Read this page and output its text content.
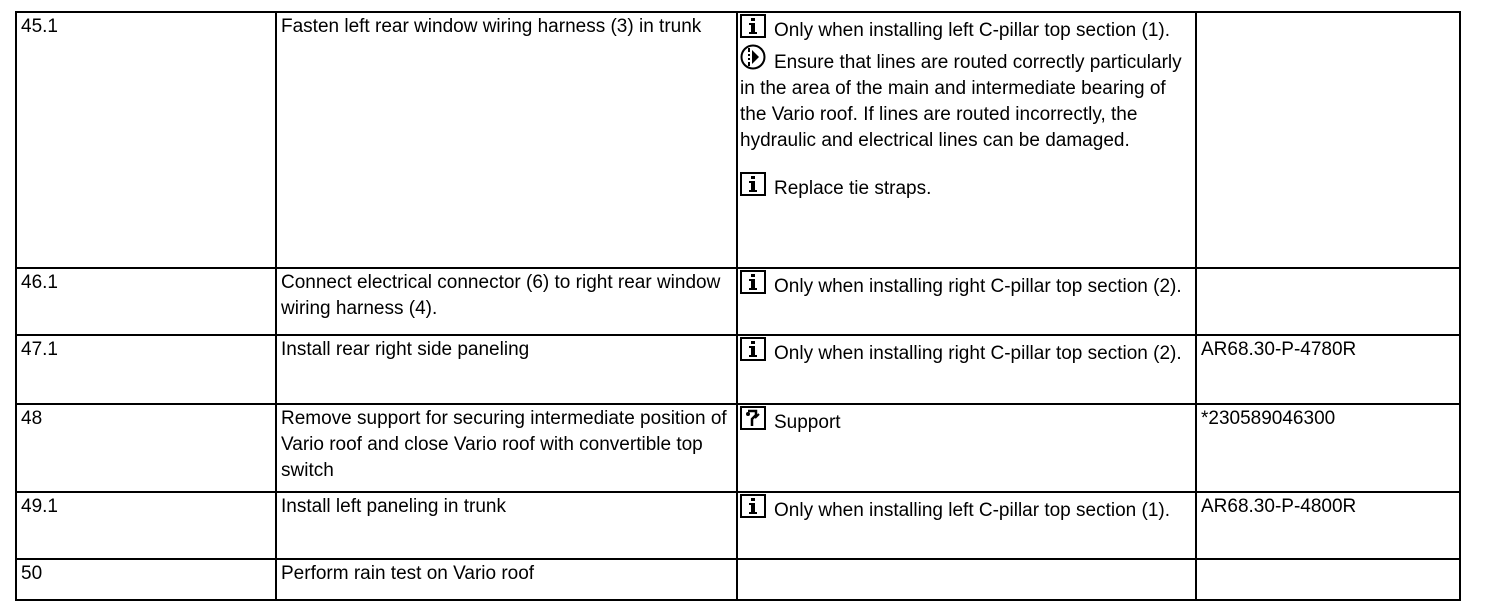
45.1	Fasten left rear window wiring harness (3) in trunk	Only when installing left C-pillar top section (1).
Ensure that lines are routed correctly particularly in the area of the main and intermediate bearing of the Vario roof. If lines are routed incorrectly, the hydraulic and electrical lines can be damaged.
Replace tie straps.	

46.1	Connect electrical connector (6) to right rear window wiring harness (4).	Only when installing right C-pillar top section (2).	

47.1	Install rear right side paneling	Only when installing right C-pillar top section (2).	AR68.30-P-4780R
48	Remove support for securing intermediate position of Vario roof and close Vario roof with convertible top switch	Support	*230589046300
49.1	Install left paneling in trunk	Only when installing left C-pillar top section (1).	AR68.30-P-4800R
50	Perform rain test on Vario roof		
